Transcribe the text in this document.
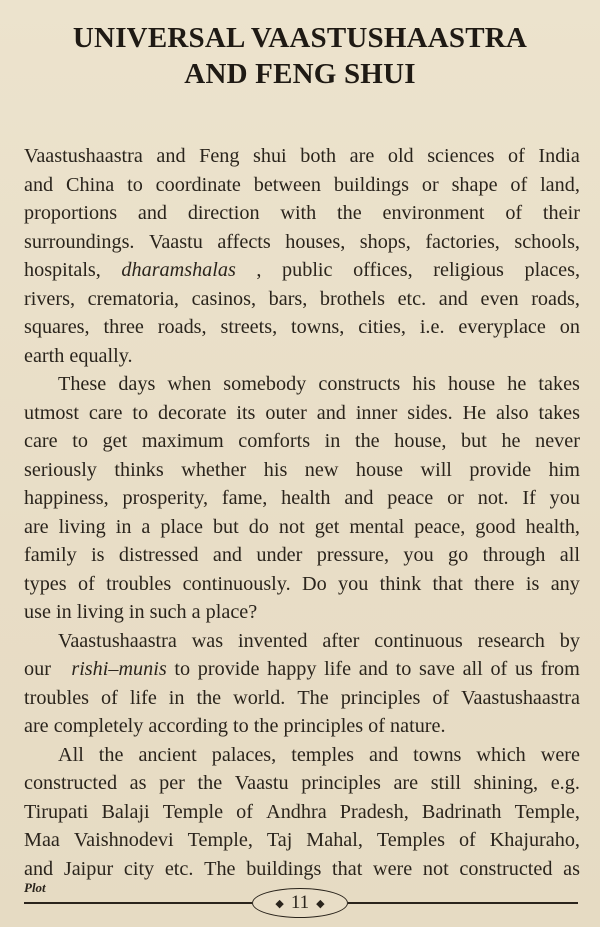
UNIVERSAL VAASTUSHAASTRA
AND FENG SHUI
Vaastushaastra and Feng shui both are old sciences of India
and China to coordinate between buildings or shape of land,
proportions and direction with the environment of their
surroundings. Vaastu affects houses, shops, factories, schools,
hospitals, dharamshalas , public offices, religious places,
rivers, crematoria, casinos, bars, brothels etc. and even roads,
squares, three roads, streets, towns, cities, i.e. everyplace on
earth equally.
These days when somebody constructs his house he takes
utmost care to decorate its outer and inner sides. He also takes
care to get maximum comforts in the house, but he never
seriously thinks whether his new house will provide him
happiness, prosperity, fame, health and peace or not. If you
are living in a place but do not get mental peace, good health,
family is distressed and under pressure, you go through all
types of troubles continuously. Do you think that there is any
use in living in such a place?
Vaastushaastra was invented after continuous research by
our
rishi–munis to provide happy life and to save all of us from
troubles of life in the world. The principles of Vaastushaastra
are completely according to the principles of nature.
All the ancient palaces, temples and towns which were
constructed as per the Vaastu principles are still shining, e.g.
Tirupati Balaji Temple of Andhra Pradesh, Badrinath Temple,
Maa Vaishnodevi Temple, Taj Mahal, Temples of Khajuraho,
and Jaipur city etc. The buildings that were not constructed as
Plot
◆ 11 ◆
